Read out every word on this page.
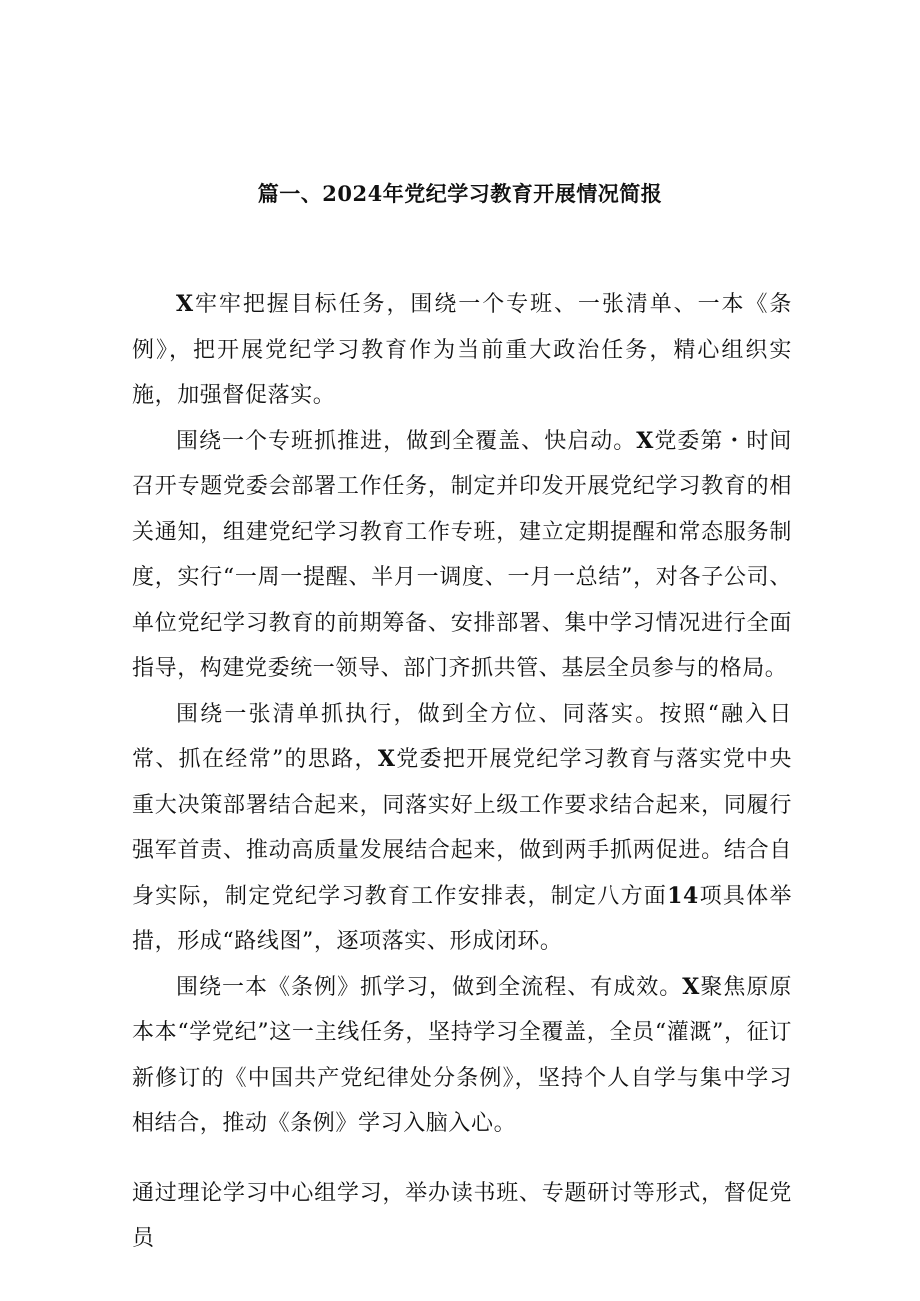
篇一、2024年党纪学习教育开展情况简报

X牢牢把握目标任务，围绕一个专班、一张清单、一本《条例》，把开展党纪学习教育作为当前重大政治任务，精心组织实施，加强督促落实。

围绕一个专班抓推进，做到全覆盖、快启动。X党委第・时间召开专题党委会部署工作任务，制定并印发开展党纪学习教育的相关通知，组建党纪学习教育工作专班，建立定期提醒和常态服务制度，实行“一周一提醒、半月一调度、一月一总结”，对各子公司、单位党纪学习教育的前期筹备、安排部署、集中学习情况进行全面指导，构建党委统一领导、部门齐抓共管、基层全员参与的格局。

围绕一张清单抓执行，做到全方位、同落实。按照“融入日常、抓在经常”的思路，X党委把开展党纪学习教育与落实党中央重大决策部署结合起来，同落实好上级工作要求结合起来，同履行强军首责、推动高质量发展结合起来，做到两手抓两促进。结合自身实际，制定党纪学习教育工作安排表，制定八方面14项具体举措，形成“路线图”，逐项落实、形成闭环。

围绕一本《条例》抓学习，做到全流程、有成效。X聚焦原原本本“学党纪”这一主线任务，坚持学习全覆盖，全员“灌溉”，征订新修订的《中国共产党纪律处分条例》，坚持个人自学与集中学习相结合，推动《条例》学习入脑入心。

通过理论学习中心组学习，举办读书班、专题研讨等形式，督促党员
